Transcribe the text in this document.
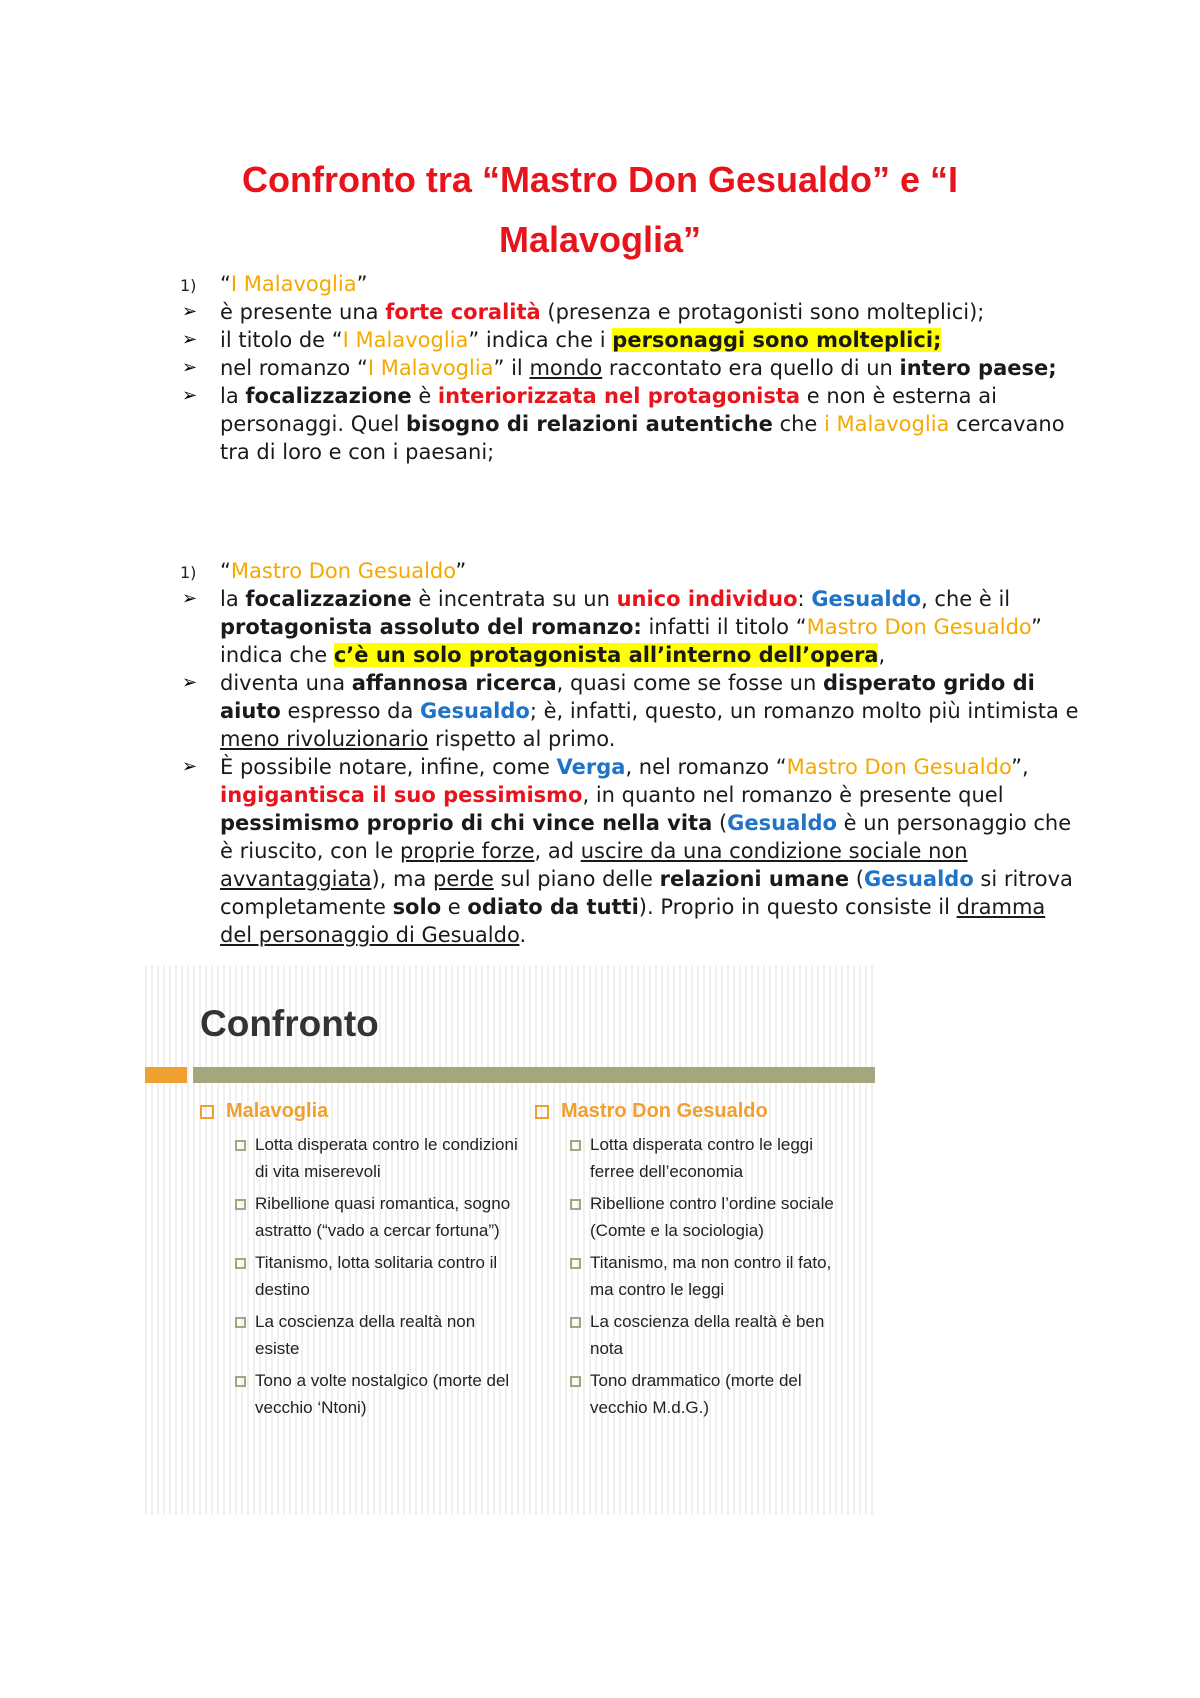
Confronto tra “Mastro Don Gesualdo” e “I
Malavoglia”
1)	“I Malavoglia”
➢ è presente una forte coralità (presenza e protagonisti sono molteplici);
➢ il titolo de “I Malavoglia” indica che i personaggi sono molteplici;
➢ nel romanzo “I Malavoglia” il mondo raccontato era quello di un intero paese;
➢ la focalizzazione è interiorizzata nel protagonista e non è esterna ai personaggi. Quel bisogno di relazioni autentiche che i Malavoglia cercavano tra di loro e con i paesani;
1)	“Mastro Don Gesualdo”
➢ la focalizzazione è incentrata su un unico individuo: Gesualdo, che è il protagonista assoluto del romanzo: infatti il titolo “Mastro Don Gesualdo” indica che c’è un solo protagonista all’interno dell’opera,
➢ diventa una affannosa ricerca, quasi come se fosse un disperato grido di aiuto espresso da Gesualdo; è, infatti, questo, un romanzo molto più intimista e meno rivoluzionario rispetto al primo.
➢ È possibile notare, infine, come Verga, nel romanzo “Mastro Don Gesualdo”, ingigantisca il suo pessimismo, in quanto nel romanzo è presente quel pessimismo proprio di chi vince nella vita (Gesualdo è un personaggio che è riuscito, con le proprie forze, ad uscire da una condizione sociale non avvantaggiata), ma perde sul piano delle relazioni umane (Gesualdo si ritrova completamente solo e odiato da tutti). Proprio in questo consiste il dramma del personaggio di Gesualdo.
Confronto
Malavoglia
Lotta disperata contro le condizioni di vita miserevoli
Ribellione quasi romantica, sogno astratto (“vado a cercar fortuna”)
Titanismo, lotta solitaria contro il destino
La coscienza della realtà non esiste
Tono a volte nostalgico (morte del vecchio ‘Ntoni)
Mastro Don Gesualdo
Lotta disperata contro le leggi ferree dell’economia
Ribellione contro l’ordine sociale (Comte e la sociologia)
Titanismo, ma non contro il fato, ma contro le leggi
La coscienza della realtà è ben nota
Tono drammatico (morte del vecchio M.d.G.)
